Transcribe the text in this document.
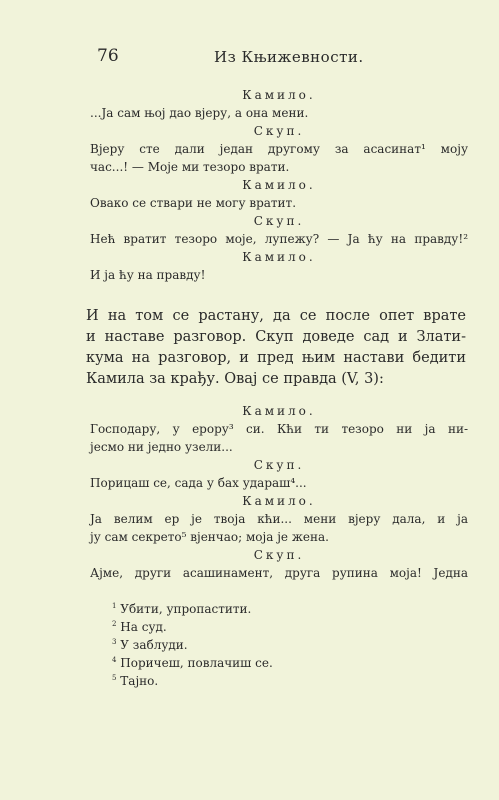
76	Из Књижевности.
Камило.
...Ја сам њој дао вјеру, а она мени.
Скуп.
Вјеру сте дали један другому за асасинат¹ моју
час...! — Моје ми тезоро врати.
Камило.
Овако се ствари не могу вратит.
Скуп.
Нећ вратит тезоро моје, лупежу? — Ја ћу на правду!²
Камило.
И ја ћу на правду!
И на том се растану, да се после опет врате
и наставе разговор. Скуп доведе сад и Злати-
кума на разговор, и пред њим настави бедити
Камила за крађу. Овај се правда (V, 3):
Камило.
Господару, у ерору³ си. Кћи ти тезоро ни ја ни-
јесмо ни једно узели...
Скуп.
Порицаш се, сада у бах удараш⁴...
Камило.
Ја велим ер је твоја кћи... мени вјеру дала, и ја
ју сам секрето⁵ вјенчао; моја је жена.
Скуп.
Ајме, други асашинамент, друга рупина моја! Једна
$^1$ Убити, упропастити.
$^2$ На суд.
$^3$ У заблуди.
$^4$ Поричеш, повлачиш се.
$^5$ Тајно.
